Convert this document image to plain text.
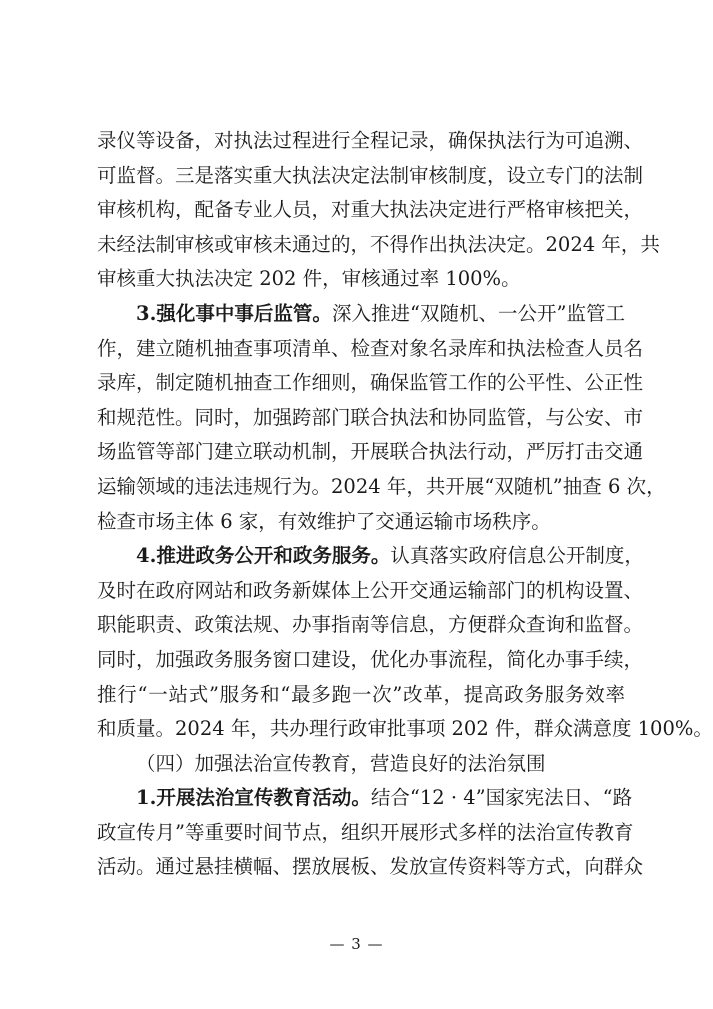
录仪等设备，对执法过程进行全程记录，确保执法行为可追溯、
可监督。三是落实重大执法决定法制审核制度，设立专门的法制
审核机构，配备专业人员，对重大执法决定进行严格审核把关，
未经法制审核或审核未通过的，不得作出执法决定。2024 年，共
审核重大执法决定 202 件，审核通过率 100%。
3.强化事中事后监管。深入推进“双随机、一公开”监管工
作，建立随机抽查事项清单、检查对象名录库和执法检查人员名
录库，制定随机抽查工作细则，确保监管工作的公平性、公正性
和规范性。同时，加强跨部门联合执法和协同监管，与公安、市
场监管等部门建立联动机制，开展联合执法行动，严厉打击交通
运输领域的违法违规行为。2024 年，共开展“双随机”抽查 6 次，
检查市场主体 6 家，有效维护了交通运输市场秩序。
4.推进政务公开和政务服务。认真落实政府信息公开制度，
及时在政府网站和政务新媒体上公开交通运输部门的机构设置、
职能职责、政策法规、办事指南等信息，方便群众查询和监督。
同时，加强政务服务窗口建设，优化办事流程，简化办事手续，
推行“一站式”服务和“最多跑一次”改革，提高政务服务效率
和质量。2024 年，共办理行政审批事项 202 件，群众满意度 100%。
（四）加强法治宣传教育，营造良好的法治氛围
1.开展法治宣传教育活动。结合“12 · 4”国家宪法日、“路
政宣传月”等重要时间节点，组织开展形式多样的法治宣传教育
活动。通过悬挂横幅、摆放展板、发放宣传资料等方式，向群众
— 3 —
